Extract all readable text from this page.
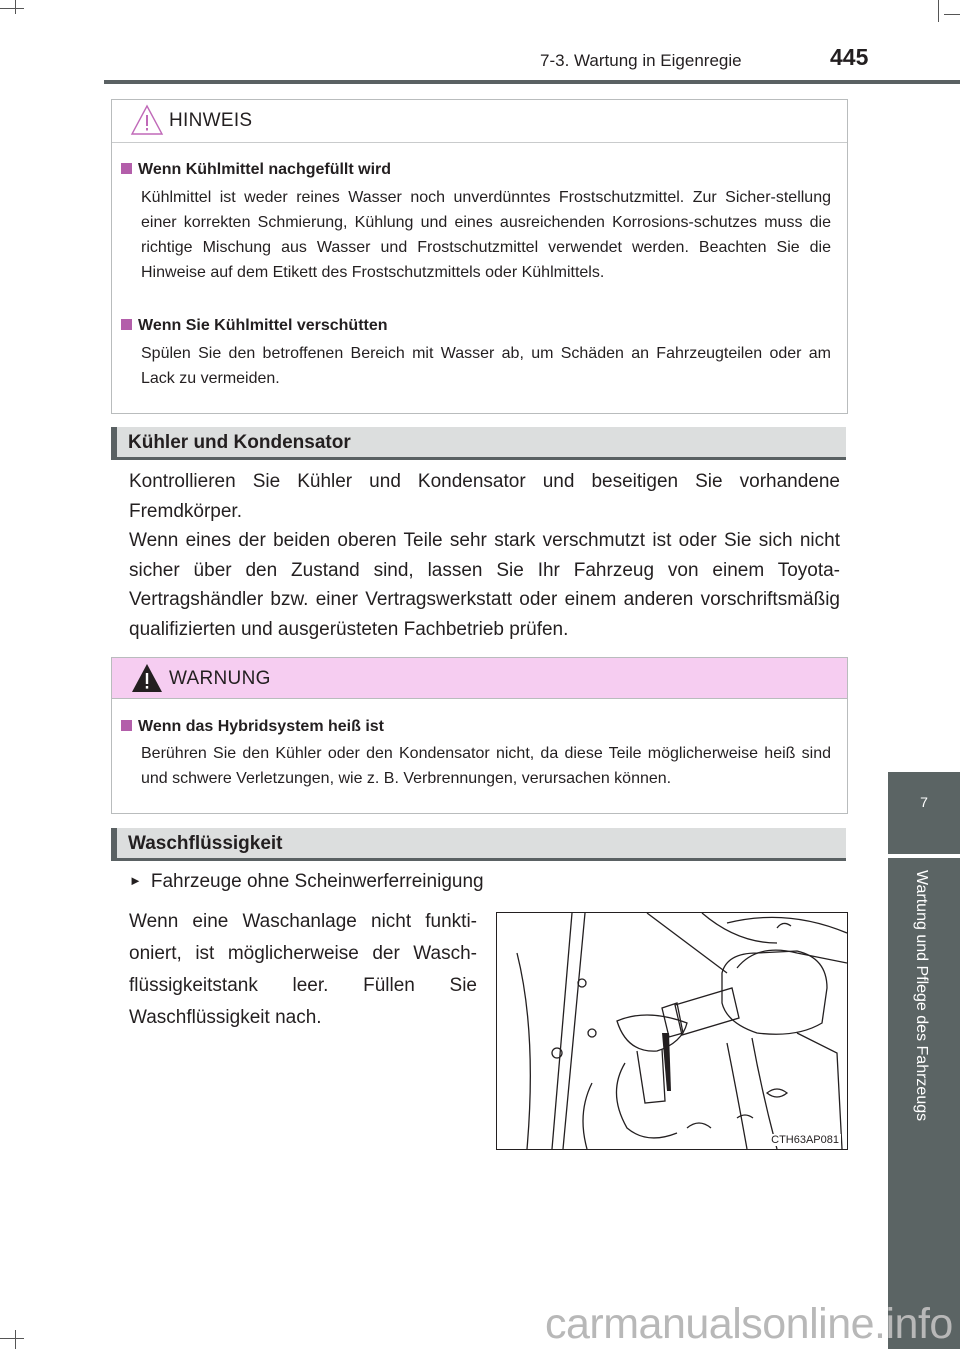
7-3. Wartung in Eigenregie	445
7
Wartung und Pflege des Fahrzeugs
HINWEIS
Wenn Kühlmittel nachgefüllt wird
Kühlmittel ist weder reines Wasser noch unverdünntes Frostschutzmittel. Zur Sicher-stellung einer korrekten Schmierung, Kühlung und eines ausreichenden Korrosions-schutzes muss die richtige Mischung aus Wasser und Frostschutzmittel verwendet werden. Beachten Sie die Hinweise auf dem Etikett des Frostschutzmittels oder Kühlmittels.
Wenn Sie Kühlmittel verschütten
Spülen Sie den betroffenen Bereich mit Wasser ab, um Schäden an Fahrzeugteilen oder am Lack zu vermeiden.
Kühler und Kondensator
Kontrollieren Sie Kühler und Kondensator und beseitigen Sie vorhandene Fremdkörper.
Wenn eines der beiden oberen Teile sehr stark verschmutzt ist oder Sie sich nicht sicher über den Zustand sind, lassen Sie Ihr Fahrzeug von einem Toyota-Vertragshändler bzw. einer Vertragswerkstatt oder einem anderen vorschriftsmäßig qualifizierten und ausgerüsteten Fachbetrieb prüfen.
WARNUNG
Wenn das Hybridsystem heiß ist
Berühren Sie den Kühler oder den Kondensator nicht, da diese Teile möglicherweise heiß sind und schwere Verletzungen, wie z. B. Verbrennungen, verursachen können.
Waschflüssigkeit
► Fahrzeuge ohne Scheinwerferreinigung
Wenn eine Waschanlage nicht funkti-oniert, ist möglicherweise der Wasch-flüssigkeitstank leer. Füllen Sie Waschflüssigkeit nach.
CTH63AP081
carmanualsonline.info
